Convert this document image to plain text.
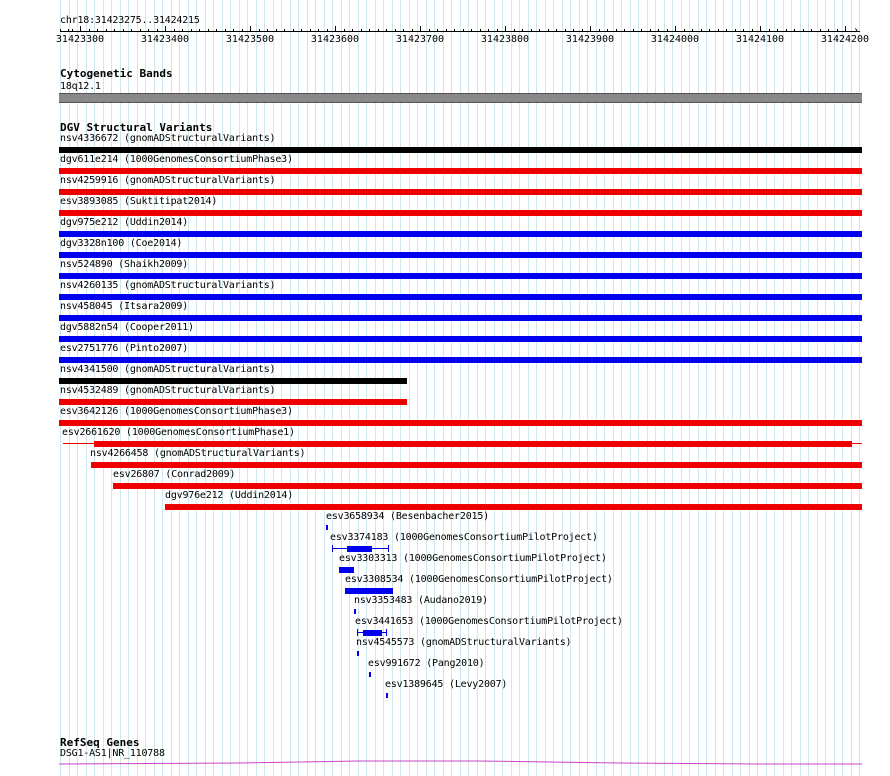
chr18:31423275..31424215
›
31423300	31423400	31423500	31423600	31423700	31423800	31423900	31424000	31424100	31424200
Cytogenetic Bands
18q12.1
DGV Structural Variants
nsv4336672 (gnomADStructuralVariants)
dgv611e214 (1000GenomesConsortiumPhase3)
nsv4259916 (gnomADStructuralVariants)
esv3893085 (Suktitipat2014)
dgv975e212 (Uddin2014)
dgv3328n100 (Coe2014)
nsv524890 (Shaikh2009)
nsv4260135 (gnomADStructuralVariants)
nsv458045 (Itsara2009)
dgv5882n54 (Cooper2011)
esv2751776 (Pinto2007)
nsv4341500 (gnomADStructuralVariants)
nsv4532489 (gnomADStructuralVariants)
esv3642126 (1000GenomesConsortiumPhase3)
esv2661620 (1000GenomesConsortiumPhase1)
nsv4266458 (gnomADStructuralVariants)
esv26807 (Conrad2009)
dgv976e212 (Uddin2014)
esv3658934 (Besenbacher2015)
esv3374183 (1000GenomesConsortiumPilotProject)
esv3303313 (1000GenomesConsortiumPilotProject)
esv3308534 (1000GenomesConsortiumPilotProject)
nsv3353483 (Audano2019)
esv3441653 (1000GenomesConsortiumPilotProject)
nsv4545573 (gnomADStructuralVariants)
esv991672 (Pang2010)
esv1389645 (Levy2007)
RefSeq Genes
DSG1-AS1|NR_110788
